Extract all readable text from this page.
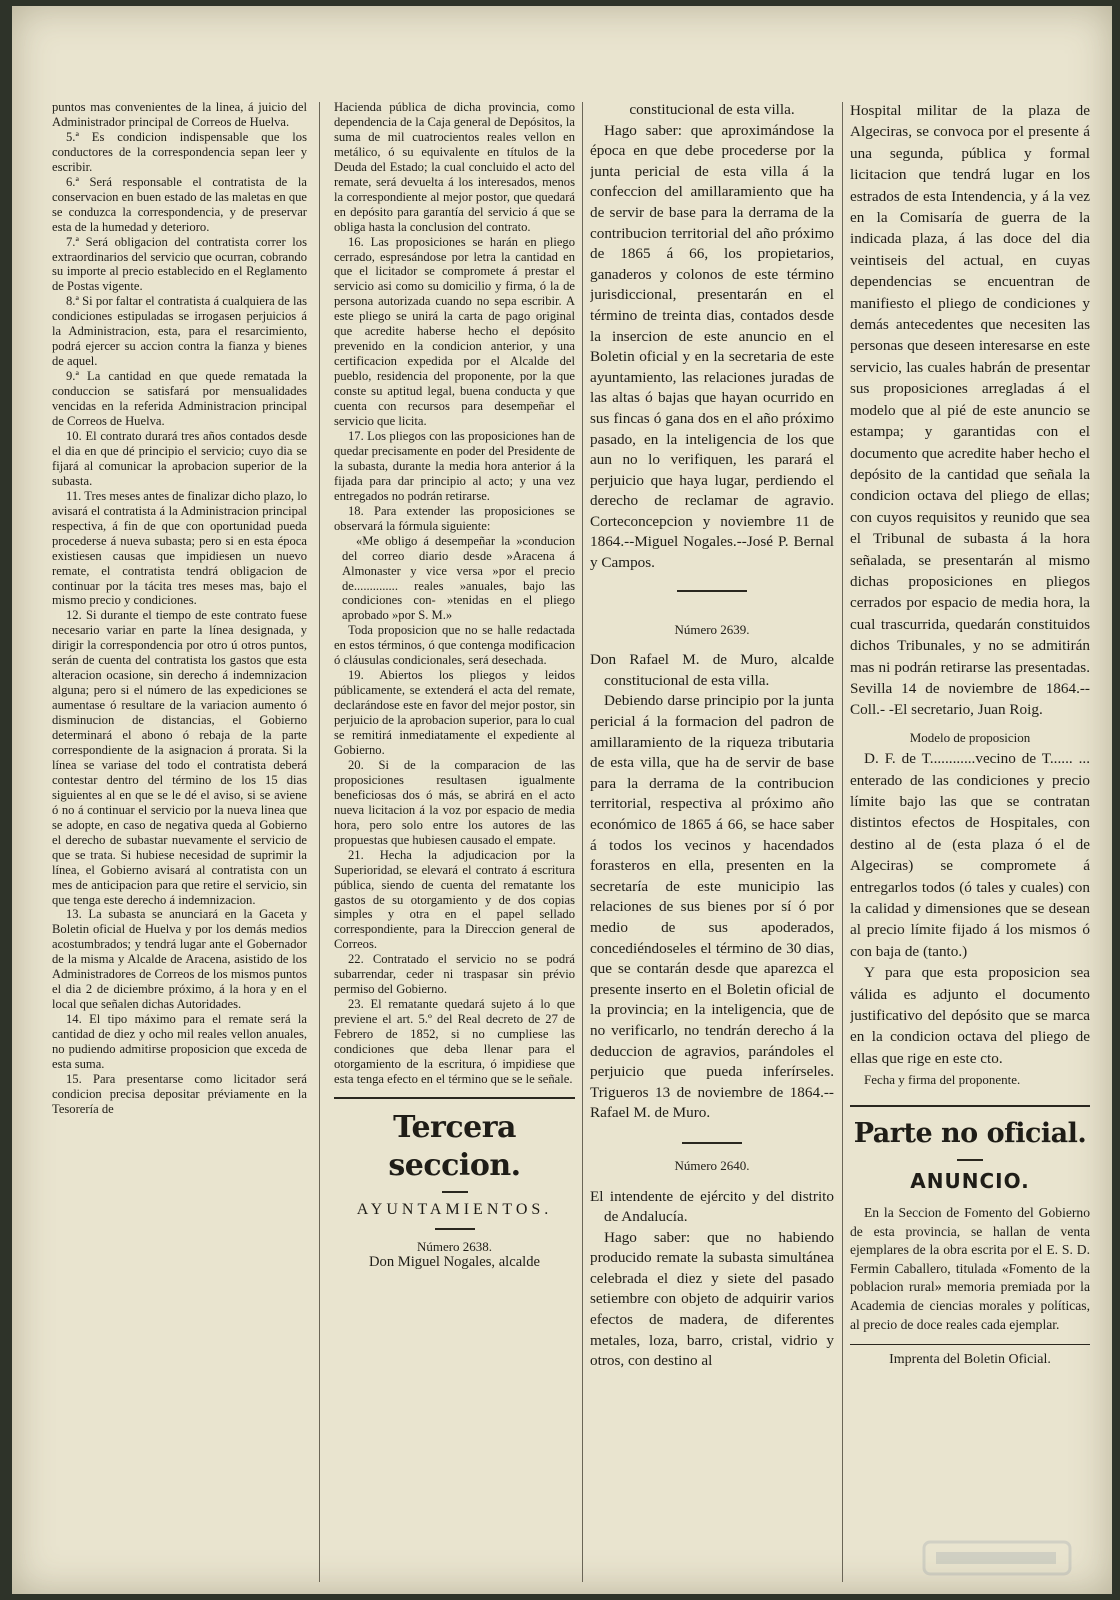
puntos mas convenientes de la linea, á juicio del Administrador principal de Correos de Huelva.

5.ª Es condicion indispensable que los conductores de la correspondencia sepan leer y escribir.

6.ª Será responsable el contratista de la conservacion en buen estado de las maletas en que se conduzca la correspondencia, y de preservar esta de la humedad y deterioro.

7.ª Será obligacion del contratista correr los extraordinarios del servicio que ocurran, cobrando su importe al precio establecido en el Reglamento de Postas vigente.

8.ª Si por faltar el contratista á cualquiera de las condiciones estipuladas se irrogasen perjuicios á la Administracion, esta, para el resarcimiento, podrá ejercer su accion contra la fianza y bienes de aquel.

9.ª La cantidad en que quede rematada la conduccion se satisfará por mensualidades vencidas en la referida Administracion principal de Correos de Huelva.

10. El contrato durará tres años contados desde el dia en que dé principio el servicio; cuyo dia se fijará al comunicar la aprobacion superior de la subasta.

11. Tres meses antes de finalizar dicho plazo, lo avisará el contratista á la Administracion principal respectiva, á fin de que con oportunidad pueda procederse á nueva subasta; pero si en esta época existiesen causas que impidiesen un nuevo remate, el contratista tendrá obligacion de continuar por la tácita tres meses mas, bajo el mismo precio y condiciones.

12. Si durante el tiempo de este contrato fuese necesario variar en parte la línea designada, y dirigir la correspondencia por otro ú otros puntos, serán de cuenta del contratista los gastos que esta alteracion ocasione, sin derecho á indemnizacion alguna; pero si el número de las expediciones se aumentase ó resultare de la variacion aumento ó disminucion de distancias, el Gobierno determinará el abono ó rebaja de la parte correspondiente de la asignacion á prorata. Si la línea se variase del todo el contratista deberá contestar dentro del término de los 15 dias siguientes al en que se le dé el aviso, si se aviene ó no á continuar el servicio por la nueva linea que se adopte, en caso de negativa queda al Gobierno el derecho de subastar nuevamente el servicio de que se trata. Si hubiese necesidad de suprimir la línea, el Gobierno avisará al contratista con un mes de anticipacion para que retire el servicio, sin que tenga este derecho á indemnizacion.

13. La subasta se anunciará en la Gaceta y Boletin oficial de Huelva y por los demás medios acostumbrados; y tendrá lugar ante el Gobernador de la misma y Alcalde de Aracena, asistido de los Administradores de Correos de los mismos puntos el dia 2 de diciembre próximo, á la hora y en el local que señalen dichas Autoridades.

14. El tipo máximo para el remate será la cantidad de diez y ocho mil reales vellon anuales, no pudiendo admitirse proposicion que exceda de esta suma.

15. Para presentarse como licitador será condicion precisa depositar préviamente en la Tesorería de

Hacienda pública de dicha provincia, como dependencia de la Caja general de Depósitos, la suma de mil cuatrocientos reales vellon en metálico, ó su equivalente en títulos de la Deuda del Estado; la cual concluido el acto del remate, será devuelta á los interesados, menos la correspondiente al mejor postor, que quedará en depósito para garantía del servicio á que se obliga hasta la conclusion del contrato.

16. Las proposiciones se harán en pliego cerrado, espresándose por letra la cantidad en que el licitador se compromete á prestar el servicio asi como su domicilio y firma, ó la de persona autorizada cuando no sepa escribir. A este pliego se unirá la carta de pago original que acredite haberse hecho el depósito prevenido en la condicion anterior, y una certificacion expedida por el Alcalde del pueblo, residencia del proponente, por la que conste su aptitud legal, buena conducta y que cuenta con recursos para desempeñar el servicio que licita.

17. Los pliegos con las proposiciones han de quedar precisamente en poder del Presidente de la subasta, durante la media hora anterior á la fijada para dar principio al acto; y una vez entregados no podrán retirarse.

18. Para extender las proposiciones se observará la fórmula siguiente:

«Me obligo á desempeñar la »conducion del correo diario desde »Aracena á Almonaster y vice versa »por el precio de.............. reales »anuales, bajo las condiciones con- »tenidas en el pliego aprobado »por S. M.»

Toda proposicion que no se halle redactada en estos términos, ó que contenga modificacion ó cláusulas condicionales, será desechada.

19. Abiertos los pliegos y leidos públicamente, se extenderá el acta del remate, declarándose este en favor del mejor postor, sin perjuicio de la aprobacion superior, para lo cual se remitirá inmediatamente el expediente al Gobierno.

20. Si de la comparacion de las proposiciones resultasen igualmente beneficiosas dos ó más, se abrirá en el acto nueva licitacion á la voz por espacio de media hora, pero solo entre los autores de las propuestas que hubiesen causado el empate.

21. Hecha la adjudicacion por la Superioridad, se elevará el contrato á escritura pública, siendo de cuenta del rematante los gastos de su otorgamiento y de dos copias simples y otra en el papel sellado correspondiente, para la Direccion general de Correos.

22. Contratado el servicio no se podrá subarrendar, ceder ni traspasar sin prévio permiso del Gobierno.

23. El rematante quedará sujeto á lo que previene el art. 5.º del Real decreto de 27 de Febrero de 1852, si no cumpliese las condiciones que deba llenar para el otorgamiento de la escritura, ó impidiese que esta tenga efecto en el término que se le señale.

Tercera seccion.
AYUNTAMIENTOS.

Número 2638.

Don Miguel Nogales, alcalde

constitucional de esta villa.

Hago saber: que aproximándose la época en que debe procederse por la junta pericial de esta villa á la confeccion del amillaramiento que ha de servir de base para la derrama de la contribucion territorial del año próximo de 1865 á 66, los propietarios, ganaderos y colonos de este término jurisdiccional, presentarán en el término de treinta dias, contados desde la insercion de este anuncio en el Boletin oficial y en la secretaria de este ayuntamiento, las relaciones juradas de las altas ó bajas que hayan ocurrido en sus fincas ó gana dos en el año próximo pasado, en la inteligencia de los que aun no lo verifiquen, les parará el perjuicio que haya lugar, perdiendo el derecho de reclamar de agravio. Corteconcepcion y noviembre 11 de 1864.--Miguel Nogales.--José P. Bernal y Campos.

Número 2639.

Don Rafael M. de Muro, alcalde constitucional de esta villa.

Debiendo darse principio por la junta pericial á la formacion del padron de amillaramiento de la riqueza tributaria de esta villa, que ha de servir de base para la derrama de la contribucion territorial, respectiva al próximo año económico de 1865 á 66, se hace saber á todos los vecinos y hacendados forasteros en ella, presenten en la secretaría de este municipio las relaciones de sus bienes por sí ó por medio de sus apoderados, concediéndoseles el término de 30 dias, que se contarán desde que aparezca el presente inserto en el Boletin oficial de la provincia; en la inteligencia, que de no verificarlo, no tendrán derecho á la deduccion de agravios, parándoles el perjuicio que pueda inferírseles. Trigueros 13 de noviembre de 1864.--Rafael M. de Muro.

Número 2640.

El intendente de ejército y del distrito de Andalucía.

Hago saber: que no habiendo producido remate la subasta simultánea celebrada el diez y siete del pasado setiembre con objeto de adquirir varios efectos de madera, de diferentes metales, loza, barro, cristal, vidrio y otros, con destino al

Hospital militar de la plaza de Algeciras, se convoca por el presente á una segunda, pública y formal licitacion que tendrá lugar en los estrados de esta Intendencia, y á la vez en la Comisaría de guerra de la indicada plaza, á las doce del dia veintiseis del actual, en cuyas dependencias se encuentran de manifiesto el pliego de condiciones y demás antecedentes que necesiten las personas que deseen interesarse en este servicio, las cuales habrán de presentar sus proposiciones arregladas á el modelo que al pié de este anuncio se estampa; y garantidas con el documento que acredite haber hecho el depósito de la cantidad que señala la condicion octava del pliego de ellas; con cuyos requisitos y reunido que sea el Tribunal de subasta á la hora señalada, se presentarán al mismo dichas proposiciones en pliegos cerrados por espacio de media hora, la cual trascurrida, quedarán constituidos dichos Tribunales, y no se admitirán mas ni podrán retirarse las presentadas. Sevilla 14 de noviembre de 1864.--Coll.- -El secretario, Juan Roig.

Modelo de proposicion

D. F. de T............vecino de T...... ... enterado de las condiciones y precio límite bajo las que se contratan distintos efectos de Hospitales, con destino al de (esta plaza ó el de Algeciras) se compromete á entregarlos todos (ó tales y cuales) con la calidad y dimensiones que se desean al precio límite fijado á los mismos ó con baja de (tanto.)

Y para que esta proposicion sea válida es adjunto el documento justificativo del depósito que se marca en la condicion octava del pliego de ellas que rige en este cto.

Fecha y firma del proponente.

Parte no oficial.
ANUNCIO.

En la Seccion de Fomento del Gobierno de esta provincia, se hallan de venta ejemplares de la obra escrita por el E. S. D. Fermin Caballero, titulada «Fomento de la poblacion rural» memoria premiada por la Academia de ciencias morales y políticas, al precio de doce reales cada ejemplar.

Imprenta del Boletin Oficial.
